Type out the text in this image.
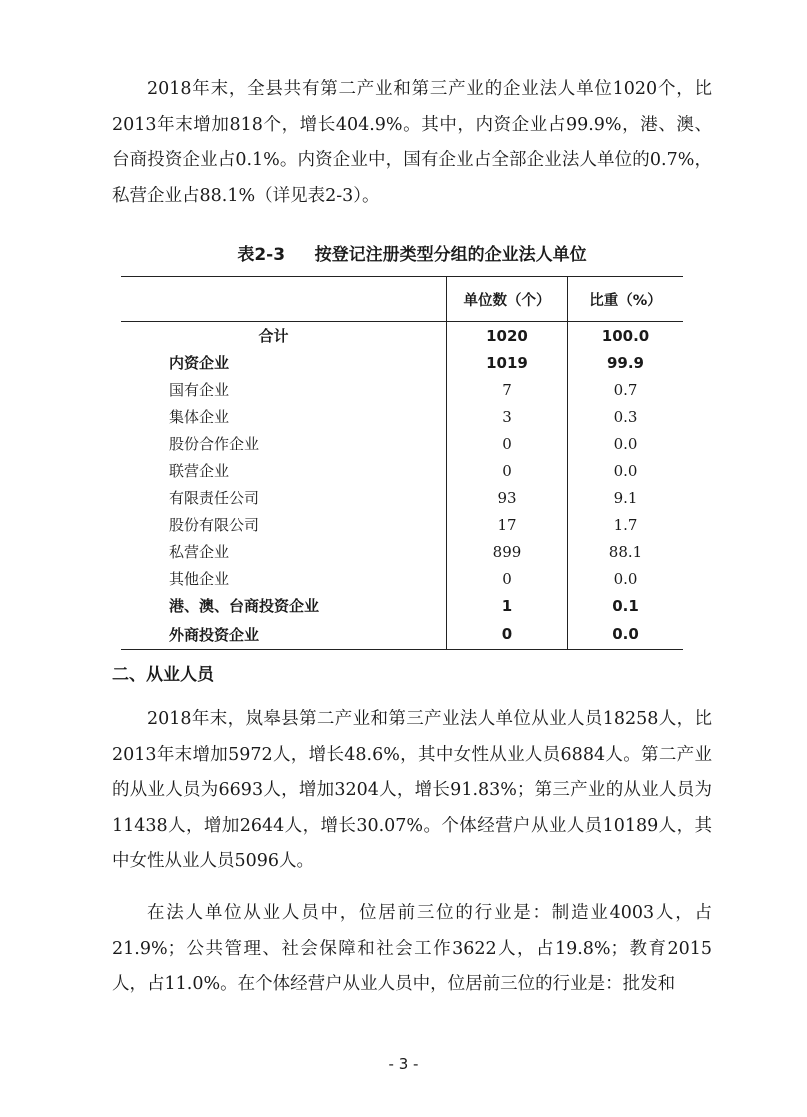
2018年末，全县共有第二产业和第三产业的企业法人单位1020个，比2013年末增加818个，增长404.9%。其中，内资企业占99.9%，港、澳、台商投资企业占0.1%。内资企业中，国有企业占全部企业法人单位的0.7%，私营企业占88.1%（详见表2-3）。

表2-3     按登记注册类型分组的企业法人单位

	单位数（个）	比重（%）
合计	1020	100.0
内资企业	1019	99.9
国有企业	7	0.7
集体企业	3	0.3
股份合作企业	0	0.0
联营企业	0	0.0
有限责任公司	93	9.1
股份有限公司	17	1.7
私营企业	899	88.1
其他企业	0	0.0
港、澳、台商投资企业	1	0.1
外商投资企业	0	0.0
二、从业人员

2018年末，岚皋县第二产业和第三产业法人单位从业人员18258人，比2013年末增加5972人，增长48.6%，其中女性从业人员6884人。第二产业的从业人员为6693人，增加3204人，增长91.83%；第三产业的从业人员为11438人，增加2644人，增长30.07%。个体经营户从业人员10189人，其中女性从业人员5096人。

在法人单位从业人员中，位居前三位的行业是：制造业4003人，占21.9%；公共管理、社会保障和社会工作3622人，占19.8%；教育2015人，占11.0%。在个体经营户从业人员中，位居前三位的行业是：批发和

- 3 -
